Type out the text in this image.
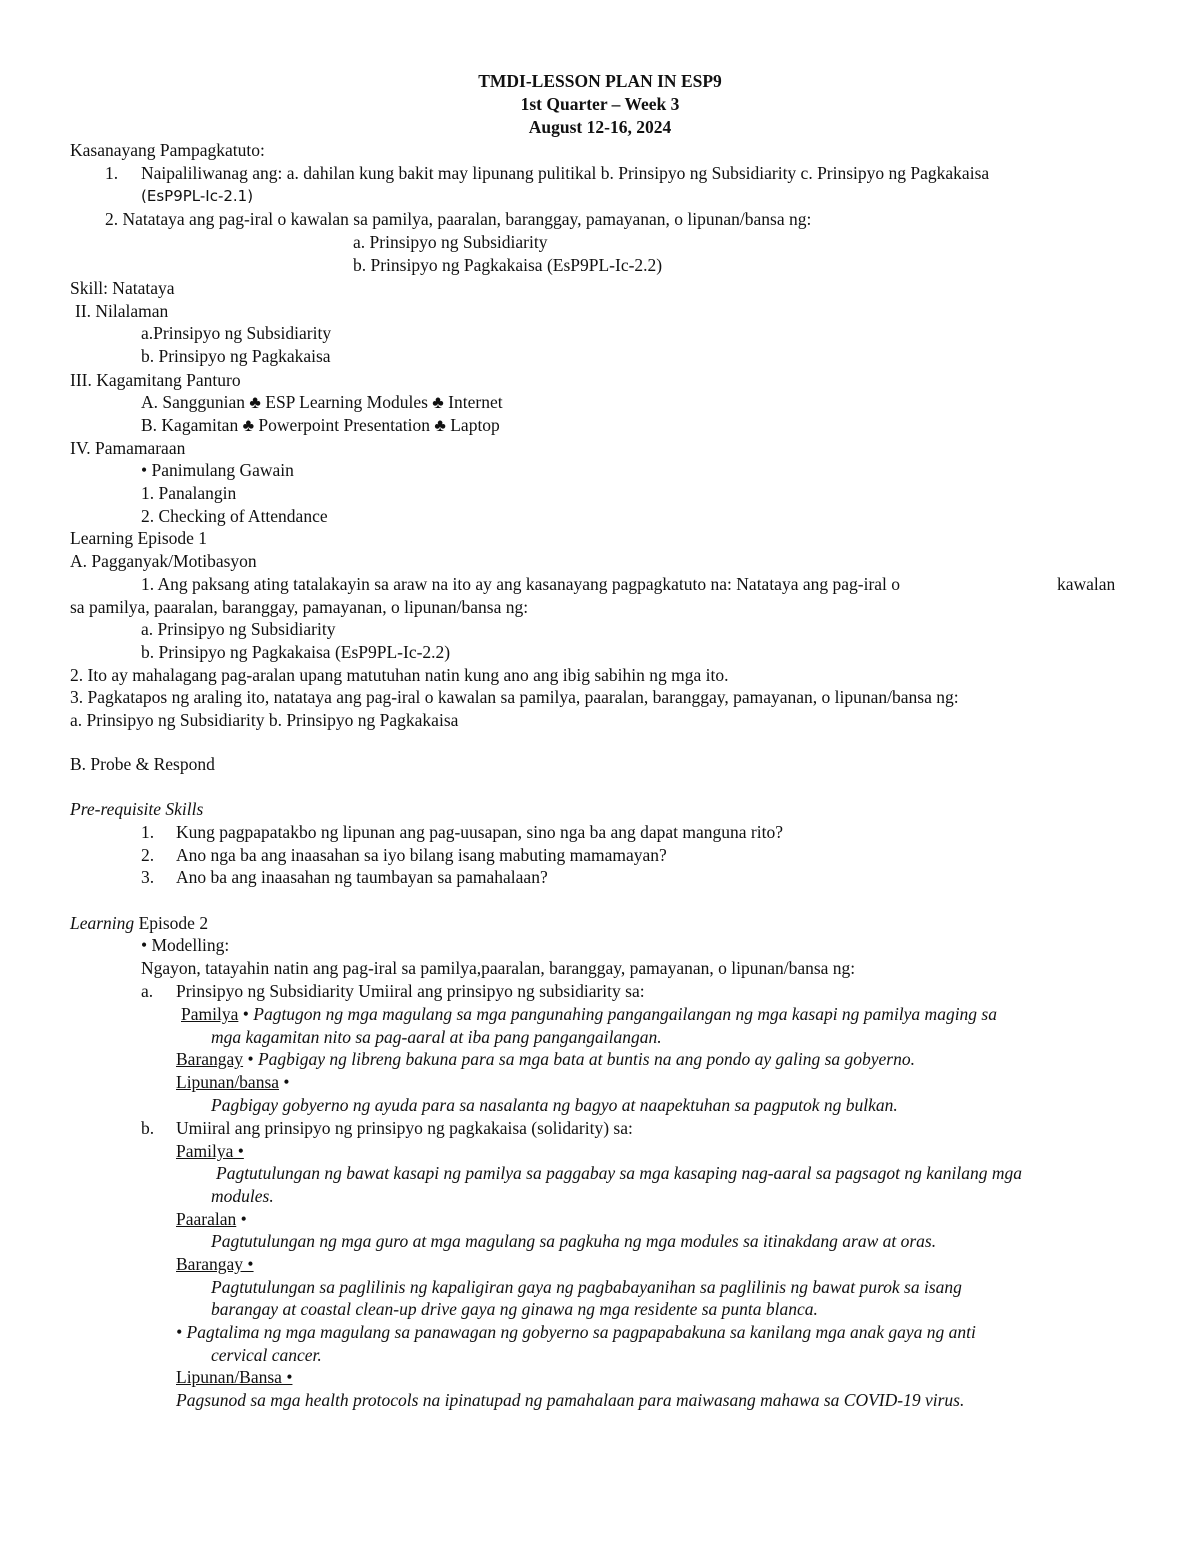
TMDI-LESSON PLAN IN ESP9
1st Quarter – Week 3
August 12-16, 2024
Kasanayang Pampagkatuto:
1. Naipaliliwanag ang: a. dahilan kung bakit may lipunang pulitikal b. Prinsipyo ng Subsidiarity c. Prinsipyo ng Pagkakaisa
(EsP9PL-Ic-2.1)
2. Natataya ang pag-iral o kawalan sa pamilya, paaralan, baranggay, pamayanan, o lipunan/bansa ng:
a. Prinsipyo ng Subsidiarity
b. Prinsipyo ng Pagkakaisa (EsP9PL-Ic-2.2)
Skill: Natataya
II. Nilalaman
a.Prinsipyo ng Subsidiarity
b. Prinsipyo ng Pagkakaisa
III. Kagamitang Panturo
A. Sanggunian ♣ ESP Learning Modules ♣ Internet
B. Kagamitan ♣ Powerpoint Presentation ♣ Laptop
IV. Pamamaraan
• Panimulang Gawain
1. Panalangin
2. Checking of Attendance
Learning Episode 1
A. Pagganyak/Motibasyon
1. Ang paksang ating tatalakayin sa araw na ito ay ang kasanayang pagpagkatuto na: Natataya ang pag-iral o	kawalan
sa pamilya, paaralan, baranggay, pamayanan, o lipunan/bansa ng:
a. Prinsipyo ng Subsidiarity
b. Prinsipyo ng Pagkakaisa (EsP9PL-Ic-2.2)
2. Ito ay mahalagang pag-aralan upang matutuhan natin kung ano ang ibig sabihin ng mga ito.
3. Pagkatapos ng araling ito, natataya ang pag-iral o kawalan sa pamilya, paaralan, baranggay, pamayanan, o lipunan/bansa ng:
a. Prinsipyo ng Subsidiarity b. Prinsipyo ng Pagkakaisa
B. Probe & Respond
Pre-requisite Skills
1. Kung pagpapatakbo ng lipunan ang pag-uusapan, sino nga ba ang dapat manguna rito?
2. Ano nga ba ang inaasahan sa iyo bilang isang mabuting mamamayan?
3. Ano ba ang inaasahan ng taumbayan sa pamahalaan?
Learning Episode 2
• Modelling:
Ngayon, tatayahin natin ang pag-iral sa pamilya,paaralan, baranggay, pamayanan, o lipunan/bansa ng:
a. Prinsipyo ng Subsidiarity Umiiral ang prinsipyo ng subsidiarity sa:
Pamilya • Pagtugon ng mga magulang sa mga pangunahing pangangailangan ng mga kasapi ng pamilya maging sa
mga kagamitan nito sa pag-aaral at iba pang pangangailangan.
Barangay • Pagbigay ng libreng bakuna para sa mga bata at buntis na ang pondo ay galing sa gobyerno.
Lipunan/bansa •
Pagbigay gobyerno ng ayuda para sa nasalanta ng bagyo at naapektuhan sa pagputok ng bulkan.
b. Umiiral ang prinsipyo ng prinsipyo ng pagkakaisa (solidarity) sa:
Pamilya •
Pagtutulungan ng bawat kasapi ng pamilya sa paggabay sa mga kasaping nag-aaral sa pagsagot ng kanilang mga
modules.
Paaralan •
Pagtutulungan ng mga guro at mga magulang sa pagkuha ng mga modules sa itinakdang araw at oras.
Barangay •
Pagtutulungan sa paglilinis ng kapaligiran gaya ng pagbabayanihan sa paglilinis ng bawat purok sa isang
barangay at coastal clean-up drive gaya ng ginawa ng mga residente sa punta blanca.
• Pagtalima ng mga magulang sa panawagan ng gobyerno sa pagpapabakuna sa kanilang mga anak gaya ng anti
cervical cancer.
Lipunan/Bansa •
Pagsunod sa mga health protocols na ipinatupad ng pamahalaan para maiwasang mahawa sa COVID-19 virus.
